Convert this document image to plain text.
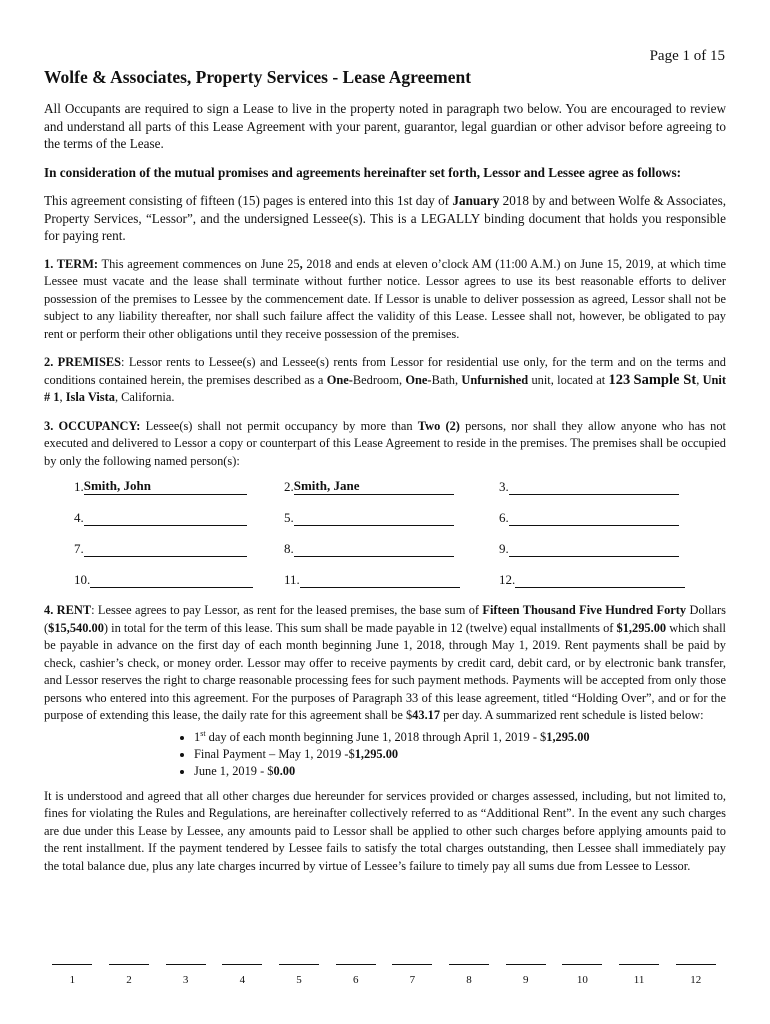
Page 1 of 15
Wolfe & Associates, Property Services - Lease Agreement

All Occupants are required to sign a Lease to live in the property noted in paragraph two below. You are encouraged to review and understand all parts of this Lease Agreement with your parent, guarantor, legal guardian or other advisor before agreeing to the terms of the Lease.

In consideration of the mutual promises and agreements hereinafter set forth, Lessor and Lessee agree as follows:

This agreement consisting of fifteen (15) pages is entered into this 1st day of January 2018 by and between Wolfe & Associates, Property Services, “Lessor”, and the undersigned Lessee(s). This is a LEGALLY binding document that holds you responsible for paying rent.

1. TERM: This agreement commences on June 25, 2018 and ends at eleven o’clock AM (11:00 A.M.) on June 15, 2019, at which time Lessee must vacate and the lease shall terminate without further notice. Lessor agrees to use its best reasonable efforts to deliver possession of the premises to Lessee by the commencement date. If Lessor is unable to deliver possession as agreed, Lessor shall not be subject to any liability thereafter, nor shall such failure affect the validity of this Lease. Lessee shall not, however, be obligated to pay rent or perform their other obligations until they receive possession of the premises.

2. PREMISES: Lessor rents to Lessee(s) and Lessee(s) rents from Lessor for residential use only, for the term and on the terms and conditions contained herein, the premises described as a One-Bedroom, One-Bath, Unfurnished unit, located at 123 Sample St, Unit # 1, Isla Vista, California.

3. OCCUPANCY: Lessee(s) shall not permit occupancy by more than Two (2) persons, nor shall they allow anyone who has not executed and delivered to Lessor a copy or counterpart of this Lease Agreement to reside in the premises. The premises shall be occupied by only the following named person(s):

1. Smith, John	2. Smith, Jane	3.
4.	5.	6.
7.	8.	9.
10.	11.	12.

4. RENT: Lessee agrees to pay Lessor, as rent for the leased premises, the base sum of Fifteen Thousand Five Hundred Forty Dollars ($15,540.00) in total for the term of this lease. This sum shall be made payable in 12 (twelve) equal installments of $1,295.00 which shall be payable in advance on the first day of each month beginning June 1, 2018, through May 1, 2019. Rent payments shall be paid by check, cashier’s check, or money order. Lessor may offer to receive payments by credit card, debit card, or by electronic bank transfer, and Lessor reserves the right to charge reasonable processing fees for such payment methods. Payments will be accepted from only those persons who entered into this agreement. For the purposes of Paragraph 33 of this lease agreement, titled “Holding Over”, and or for the purpose of extending this lease, the daily rate for this agreement shall be $43.17 per day. A summarized rent schedule is listed below:

• 1st day of each month beginning June 1, 2018 through April 1, 2019 - $1,295.00
• Final Payment – May 1, 2019 -$1,295.00
• June 1, 2019 - $0.00

It is understood and agreed that all other charges due hereunder for services provided or charges assessed, including, but not limited to, fines for violating the Rules and Regulations, are hereinafter collectively referred to as “Additional Rent”. In the event any such charges are due under this Lease by Lessee, any amounts paid to Lessor shall be applied to other such charges before applying amounts paid to the rent installment. If the payment tendered by Lessee fails to satisfy the total charges outstanding, then Lessee shall immediately pay the total balance due, plus any late charges incurred by virtue of Lessee’s failure to timely pay all sums due from Lessee to Lessor.

1	2	3	4	5	6	7	8	9	10	11	12
